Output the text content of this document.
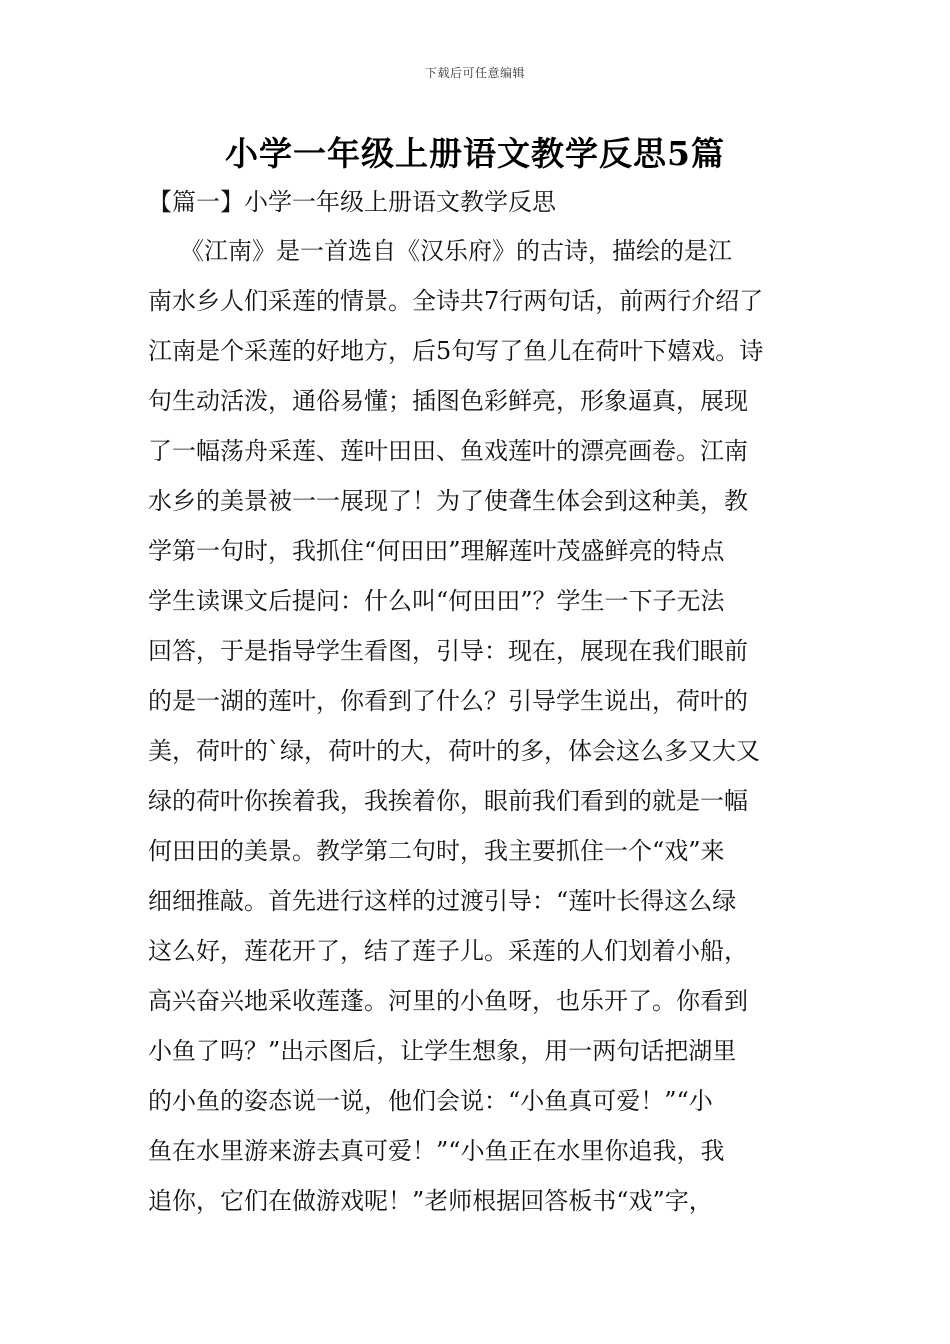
下载后可任意编辑
小学一年级上册语文教学反思5篇
【篇一】小学一年级上册语文教学反思
《江南》是一首选自《汉乐府》的古诗，描绘的是江
南水乡人们采莲的情景。全诗共7行两句话，前两行介绍了
江南是个采莲的好地方，后5句写了鱼儿在荷叶下嬉戏。诗
句生动活泼，通俗易懂；插图色彩鲜亮，形象逼真，展现
了一幅荡舟采莲、莲叶田田、鱼戏莲叶的漂亮画卷。江南
水乡的美景被一一展现了！为了使聋生体会到这种美，教
学第一句时，我抓住“何田田”理解莲叶茂盛鲜亮的特点
学生读课文后提问：什么叫“何田田”？学生一下子无法
回答，于是指导学生看图，引导：现在，展现在我们眼前
的是一湖的莲叶，你看到了什么？引导学生说出，荷叶的
美，荷叶的`绿，荷叶的大，荷叶的多，体会这么多又大又
绿的荷叶你挨着我，我挨着你，眼前我们看到的就是一幅
何田田的美景。教学第二句时，我主要抓住一个“戏”来
细细推敲。首先进行这样的过渡引导：“莲叶长得这么绿
这么好，莲花开了，结了莲子儿。采莲的人们划着小船，
高兴奋兴地采收莲蓬。河里的小鱼呀，也乐开了。你看到
小鱼了吗？”出示图后，让学生想象，用一两句话把湖里
的小鱼的姿态说一说，他们会说：“小鱼真可爱！”“小
鱼在水里游来游去真可爱！”“小鱼正在水里你追我，我
追你，它们在做游戏呢！”老师根据回答板书“戏”字，
